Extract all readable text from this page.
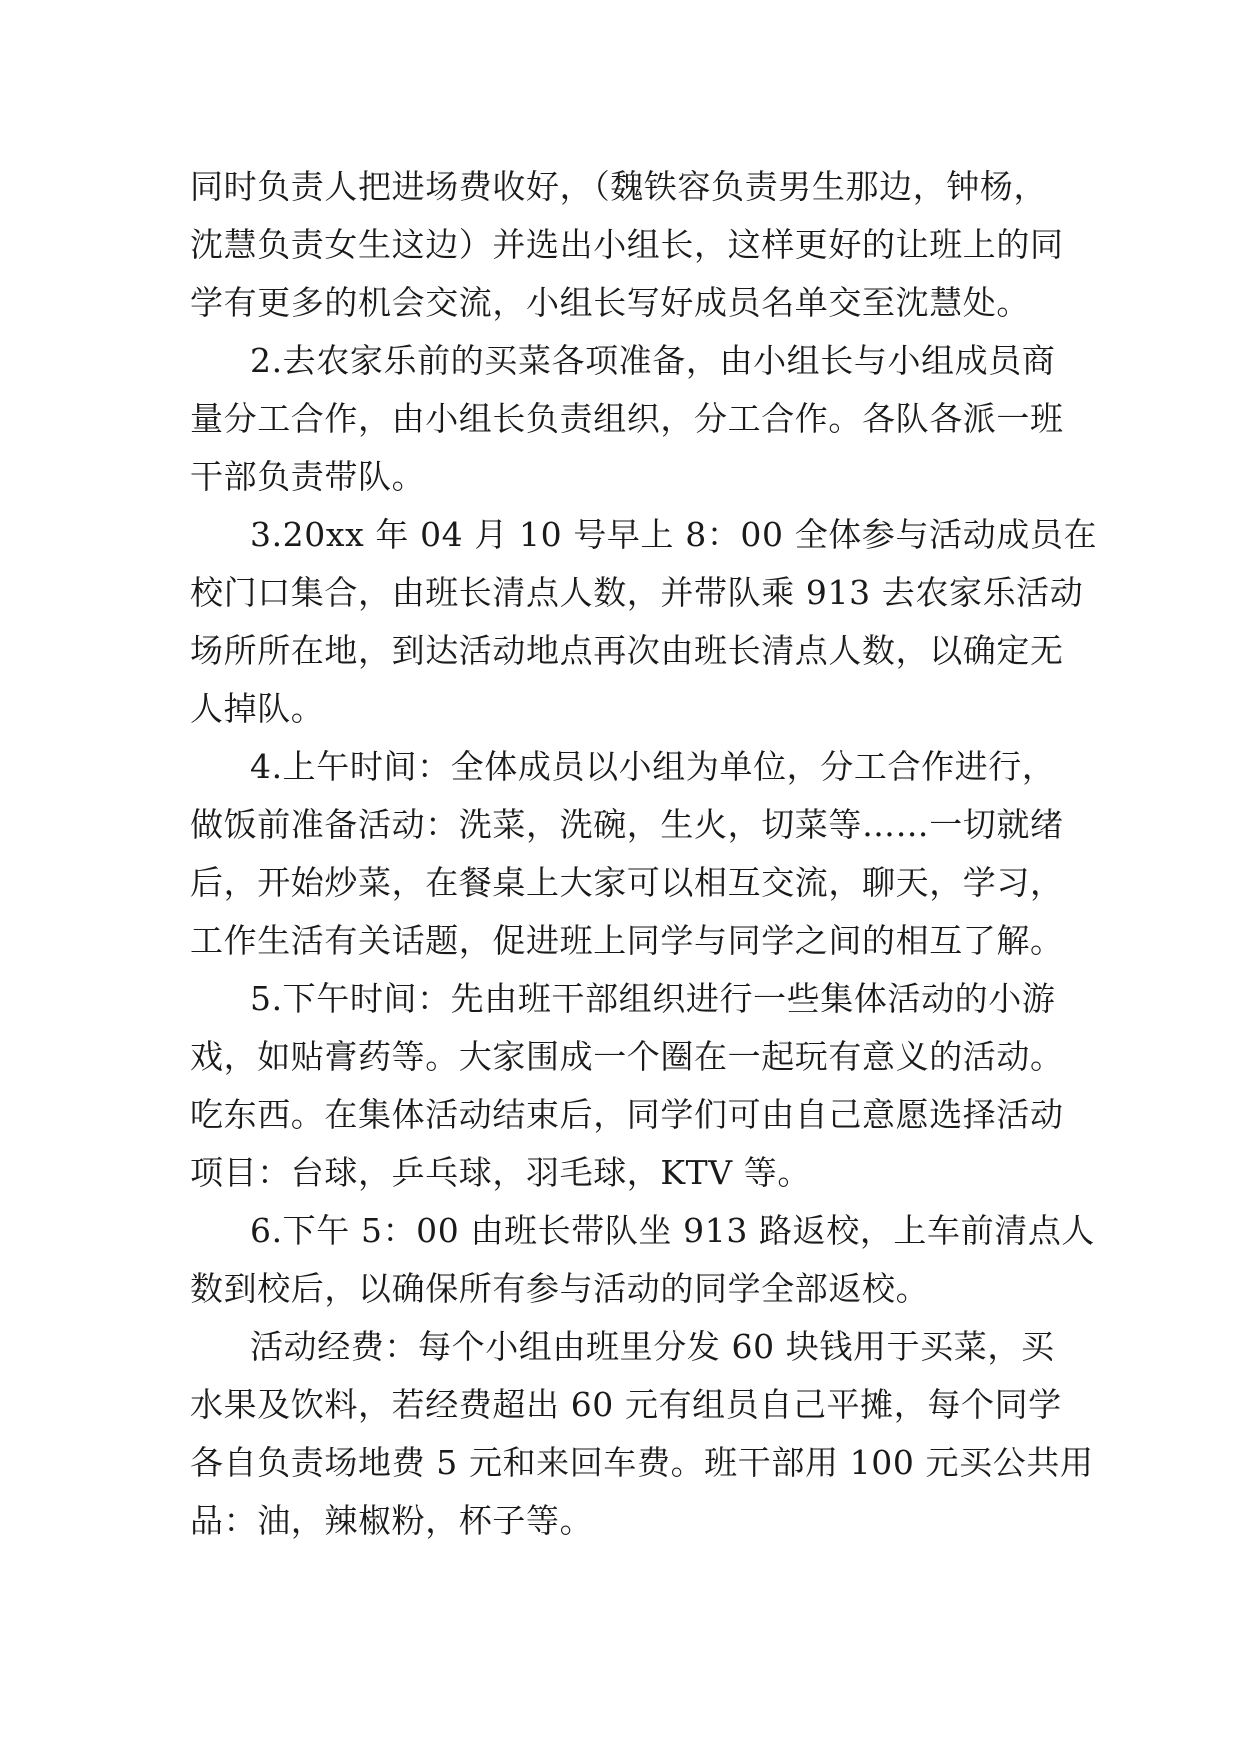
同时负责人把进场费收好，（魏铁容负责男生那边，钟杨，
沈慧负责女生这边）并选出小组长，这样更好的让班上的同
学有更多的机会交流，小组长写好成员名单交至沈慧处。
2.去农家乐前的买菜各项准备，由小组长与小组成员商
量分工合作，由小组长负责组织，分工合作。各队各派一班
干部负责带队。
3.20xx 年 04 月 10 号早上 8：00 全体参与活动成员在
校门口集合，由班长清点人数，并带队乘 913 去农家乐活动
场所所在地，到达活动地点再次由班长清点人数，以确定无
人掉队。
4.上午时间：全体成员以小组为单位，分工合作进行，
做饭前准备活动：洗菜，洗碗，生火，切菜等……一切就绪
后，开始炒菜，在餐桌上大家可以相互交流，聊天，学习，
工作生活有关话题，促进班上同学与同学之间的相互了解。
5.下午时间：先由班干部组织进行一些集体活动的小游
戏，如贴膏药等。大家围成一个圈在一起玩有意义的活动。
吃东西。在集体活动结束后，同学们可由自己意愿选择活动
项目：台球，乒乓球，羽毛球，KTV 等。
6.下午 5：00 由班长带队坐 913 路返校，上车前清点人
数到校后，以确保所有参与活动的同学全部返校。
活动经费：每个小组由班里分发 60 块钱用于买菜，买
水果及饮料，若经费超出 60 元有组员自己平摊，每个同学
各自负责场地费 5 元和来回车费。班干部用 100 元买公共用
品：油，辣椒粉，杯子等。
